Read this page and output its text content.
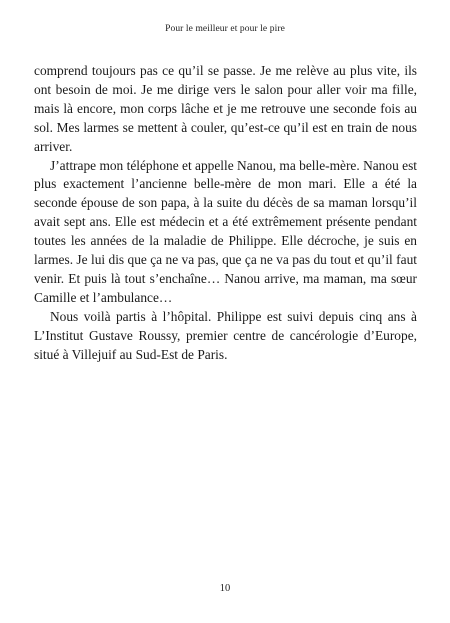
Pour le meilleur et pour le pire

comprend toujours pas ce qu’il se passe. Je me relève au plus vite, ils ont besoin de moi. Je me dirige vers le salon pour aller voir ma fille, mais là encore, mon corps lâche et je me retrouve une seconde fois au sol. Mes larmes se mettent à couler, qu’est-ce qu’il est en train de nous arriver.

J’attrape mon téléphone et appelle Nanou, ma belle-mère. Nanou est plus exactement l’ancienne belle-mère de mon mari. Elle a été la seconde épouse de son papa, à la suite du décès de sa maman lorsqu’il avait sept ans. Elle est médecin et a été extrêmement présente pendant toutes les années de la maladie de Philippe. Elle décroche, je suis en larmes. Je lui dis que ça ne va pas, que ça ne va pas du tout et qu’il faut venir. Et puis là tout s’enchaîne… Nanou arrive, ma maman, ma sœur Camille et l’ambulance…

Nous voilà partis à l’hôpital. Philippe est suivi depuis cinq ans à L’Institut Gustave Roussy, premier centre de cancérologie d’Europe, situé à Villejuif au Sud-Est de Paris.

10
